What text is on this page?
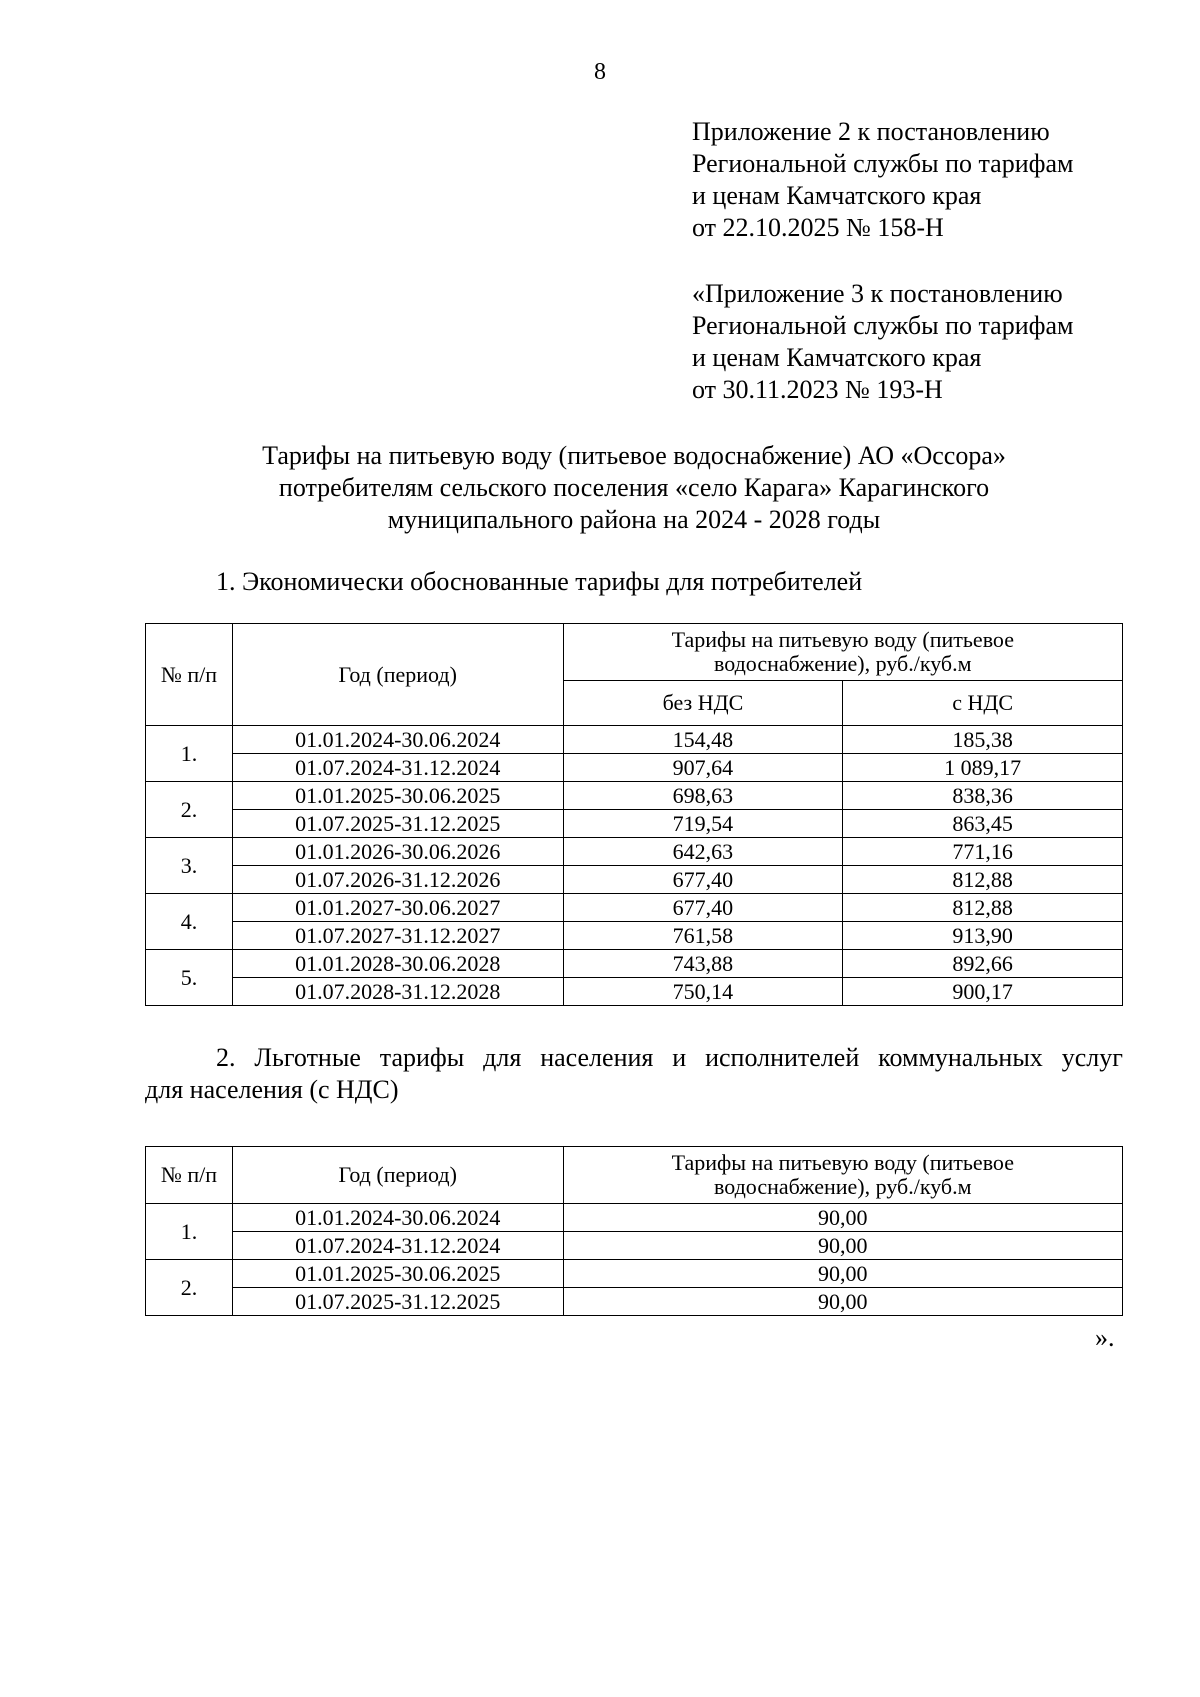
8
Приложение 2 к постановлению
Региональной службы по тарифам
и ценам Камчатского края
от 22.10.2025 № 158-Н
«Приложение 3 к постановлению
Региональной службы по тарифам
и ценам Камчатского края
от 30.11.2023 № 193-Н
Тарифы на питьевую воду (питьевое водоснабжение) АО «Оссора»
потребителям сельского поселения «село Карага» Карагинского
муниципального района на 2024 - 2028 годы
1. Экономически обоснованные тарифы для потребителей
№ п/п	Год (период)	Тарифы на питьевую воду (питьевое
водоснабжение), руб./куб.м	

		без НДС	с НДС
1.	01.01.2024-30.06.2024	154,48	185,38
	01.07.2024-31.12.2024	907,64	1 089,17
2.	01.01.2025-30.06.2025	698,63	838,36
	01.07.2025-31.12.2025	719,54	863,45
3.	01.01.2026-30.06.2026	642,63	771,16
	01.07.2026-31.12.2026	677,40	812,88
4.	01.01.2027-30.06.2027	677,40	812,88
	01.07.2027-31.12.2027	761,58	913,90
5.	01.01.2028-30.06.2028	743,88	892,66
	01.07.2028-31.12.2028	750,14	900,17
2. Льготные тарифы для населения и исполнителей коммунальных услуг
для населения (с НДС)
№ п/п	Год (период)	Тарифы на питьевую воду (питьевое
водоснабжение), руб./куб.м

1.	01.01.2024-30.06.2024	90,00
	01.07.2024-31.12.2024	90,00
2.	01.01.2025-30.06.2025	90,00
	01.07.2025-31.12.2025	90,00
».
